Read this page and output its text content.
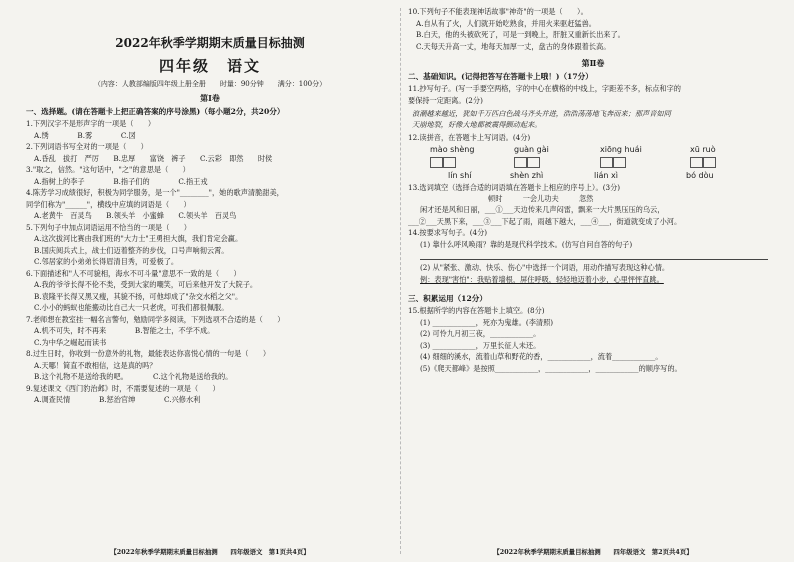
2022年秋季学期期末质量目标抽测
四年级　语文
（内容：人教部编版四年级上册全册　　时量：90分钟　　满分：100分）
第Ⅰ卷
一、选择题。(请在答题卡上把正确答案的序号涂黑)（每小题2分，共20分）
1.下列汉字不是形声字的一项是（　　）
A.绣　　　　B.雾　　　　C.㘝
2.下列词语书写全对的一项是（　　）
A.昏乱　拔打　严厉　　B.忠厚　　富饶　裤子　　C.云彩　即然　　时侯
3."取之，信然。"这句话中，"之"的意思是（　　）
A.指树上的李子　　　　B.指子们的　　　　C.指王戎
4.陈芳学习成绩很好，积极为同学服务，是一个"________"，她的歌声清脆甜美，
同学们称为"______"，横线中应填的词语是（　　）
A.老黄牛　百灵鸟　　B.领头羊　小蜜蜂　　C.领头羊　百灵鸟
5.下列句子中加点词语运用不恰当的一项是（　　）
A.这次拔河比赛由我们班的"大力士"王勇担大旗，我们肯定会赢。
B.国庆阅兵式上，战士们迈着整齐的步伐，口号声响彻云霄。
C.邻居家的小弟弟长得眉清目秀，可爱极了。
6.下面描述和"人不可貌相，海水不可斗量"意思不一致的是（　　）
A.我的爷爷长得不伦不类，受到大家的嘲笑，可后来他开发了大院子。
B.袁隆平长得又黑又瘦，其貌不扬，可他却成了"杂交水稻之父"。
C.小小的蚂蚁也能搬动比自己大一只老虎，可我们都很佩服。
7.老师想在教室挂一幅名言警句，勉励同学多阅读，下列选项不合适的是（　　）
A.机不可失，时不再来　　　　B.智能之士，不学不成。
C.为中华之崛起而读书
8.过生日时，你收到一份意外的礼物，最能表达你喜悦心情的一句是（　　）
A.天哪！简直不敢相信，这是真的吗？
B.这个礼物不是送给我的吧。　　　　C.这个礼物是送给我的。
9.复述课文《西门豹治邺》时，不需要复述的一项是（　　）
A.调查民情　　　　B.惩治官绅　　　　C.兴修水利
【2022年秋季学期期末质量目标抽测　　四年级语文　第1页共4页】
10.下列句子不能表现神话故事"神奇"的一项是（　　）。
A.自从有了火，人们就开始吃熟食，并用火来驱赶猛兽。
B.白天，他的头被砍死了，可是一到晚上，肝脏又重新长出来了。
C.天每天升高一丈，地每天加厚一丈，盘古的身体跟着长高。
第Ⅱ卷
二、基础知识。(记得把答写在答题卡上哦！)（17分）
11.抄写句子。(写一手要空两格，字的中心在横格的中线上，字距差不多，标点和字的
要保持一定距离。(2分)
浪潮越来越近，犹如千万匹白色战马齐头并进，浩浩荡荡地飞奔而来；那声音如同
天崩地裂，好像大地都被震得颤动起来。
12.读拼音，在答题卡上写词语。(4分)
mào shèng	guàn gài	xiōng huái	xū ruò
lín shí	shèn zhì	lián xì	bó dòu
13.选词填空（选择合适的词语填在答题卡上相应的序号上）。(3分)
顿时	一会儿功夫	忽然
闲才还是风和日丽，___①___天边传来几声闷雷，飘来一大片黑压压的乌云，
___②___天黑下来，___③___下起了雨，雨越下越大，___④___，街道就变成了小河。
14.按要求写句子。(4分)
(1) 靠什么呼风唤雨？靠的是现代科学技术。(仿写自问自答的句子)
(2) 从"紧张、激动、快乐、伤心"中选择一个词语，用动作描写表现这种心情。
例：表现"害怕"：我贴着墙根，屏住呼吸，轻轻地迈着小步，心里怦怦直跳。
三、积累运用（12分）
15.根据所学的内容在答题卡上填空。(8分)
(1) ____________，死亦为鬼雄。(李清照)
(2) 可怜九月初三夜，____________。
(3) ____________，万里长征人未还。
(4) 细细的溪水，流着山草和野花的香，____________，流着____________。
(5)《爬天都峰》是按照____________，____________，____________的顺序写的。
【2022年秋季学期期末质量目标抽测　　四年级语文　第2页共4页】
